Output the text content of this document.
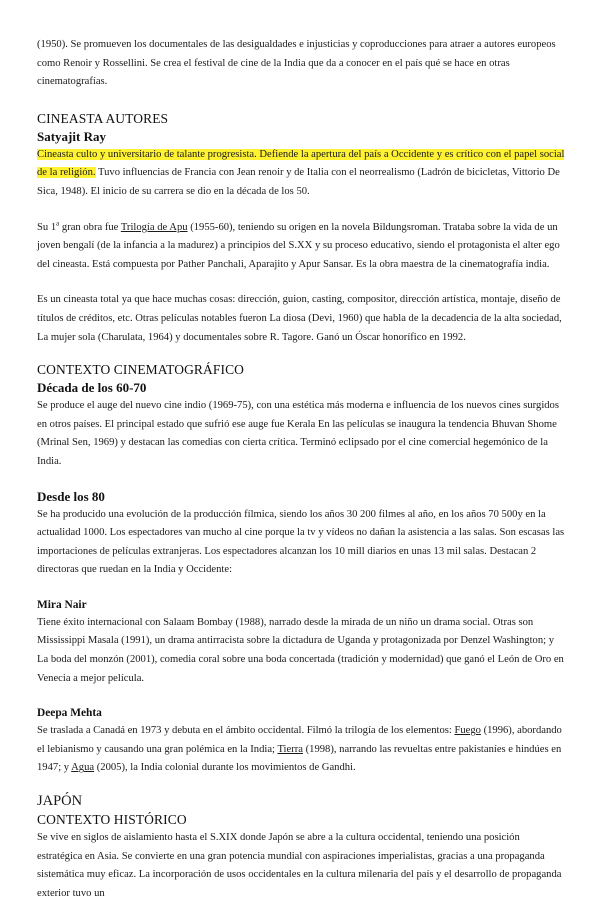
(1950). Se promueven los documentales de las desigualdades e injusticias y coproducciones para atraer a autores europeos como Renoir y Rossellini. Se crea el festival de cine de la India que da a conocer en el país qué se hace en otras cinematografías.

CINEASTA AUTORES
Satyajit Ray

Cineasta culto y universitario de talante progresista. Defiende la apertura del país a Occidente y es crítico con el papel social de la religión. Tuvo influencias de Francia con Jean renoir y de Italia con el neorrealismo (Ladrón de bicicletas, Vittorio De Sica, 1948). El inicio de su carrera se dio en la década de los 50.

Su 1$^a$ gran obra fue Trilogía de Apu (1955-60), teniendo su origen en la novela Bildungsroman. Trataba sobre la vida de un joven bengalí (de la infancia a la madurez) a principios del S.XX y su proceso educativo, siendo el protagonista el alter ego del cineasta. Está compuesta por Pather Panchali, Aparajito y Apur Sansar. Es la obra maestra de la cinematografía india.

Es un cineasta total ya que hace muchas cosas: dirección, guion, casting, compositor, dirección artística, montaje, diseño de títulos de créditos, etc. Otras películas notables fueron La diosa (Devi, 1960) que habla de la decadencia de la alta sociedad, La mujer sola (Charulata, 1964) y documentales sobre R. Tagore. Ganó un Óscar honorífico en 1992.

CONTEXTO CINEMATOGRÁFICO
Década de los 60-70

Se produce el auge del nuevo cine indio (1969-75), con una estética más moderna e influencia de los nuevos cines surgidos en otros países. El principal estado que sufrió ese auge fue Kerala En las películas se inaugura la tendencia Bhuvan Shome (Mrinal Sen, 1969) y destacan las comedias con cierta crítica. Terminó eclipsado por el cine comercial hegemónico de la India.

Desde los 80

Se ha producido una evolución de la producción fílmica, siendo los años 30 200 filmes al año, en los años 70 500y en la actualidad 1000. Los espectadores van mucho al cine porque la tv y vídeos no dañan la asistencia a las salas. Son escasas las importaciones de películas extranjeras. Los espectadores alcanzan los 10 mill diarios en unas 13 mil salas. Destacan 2 directoras que ruedan en la India y Occidente:

Mira Nair

Tiene éxito internacional con Salaam Bombay (1988), narrado desde la mirada de un niño un drama social. Otras son Mississippi Masala (1991), un drama antirracista sobre la dictadura de Uganda y protagonizada por Denzel Washington; y La boda del monzón (2001), comedia coral sobre una boda concertada (tradición y modernidad) que ganó el León de Oro en Venecia a mejor película.

Deepa Mehta

Se traslada a Canadá en 1973 y debuta en el ámbito occidental. Filmó la trilogía de los elementos: Fuego (1996), abordando el lebianismo y causando una gran polémica en la India; Tierra (1998), narrando las revueltas entre pakistaníes e hindúes en 1947; y Agua (2005), la India colonial durante los movimientos de Gandhi.

JAPÓN
CONTEXTO HISTÓRICO

Se vive en siglos de aislamiento hasta el S.XIX donde Japón se abre a la cultura occidental, teniendo una posición estratégica en Asia. Se convierte en una gran potencia mundial con aspiraciones imperialistas, gracias a una propaganda sistemática muy eficaz. La incorporación de usos occidentales en la cultura milenaria del país y el desarrollo de propaganda exterior tuvo un
